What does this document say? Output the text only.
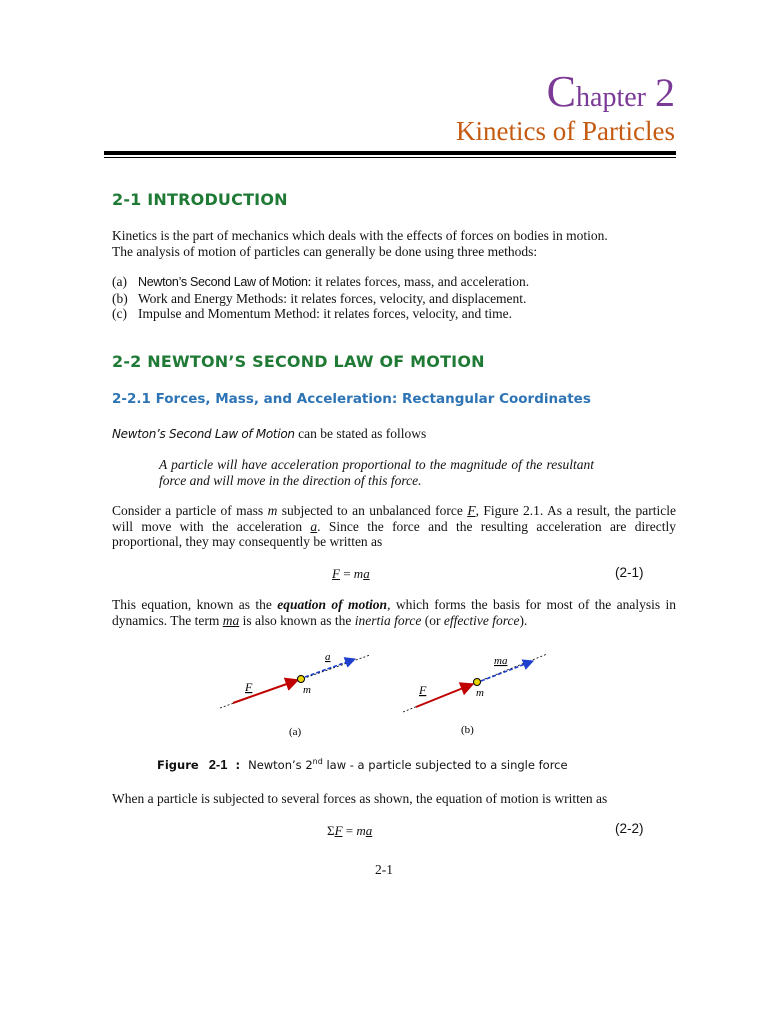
Chapter 2
Kinetics of Particles
2-1 INTRODUCTION
Kinetics is the part of mechanics which deals with the effects of forces on bodies in motion.
The analysis of motion of particles can generally be done using three methods:
(a) Newton’s Second Law of Motion: it relates forces, mass, and acceleration.
(b) Work and Energy Methods: it relates forces, velocity, and displacement.
(c) Impulse and Momentum Method: it relates forces, velocity, and time.
2-2 NEWTON’S SECOND LAW OF MOTION
2-2.1 Forces, Mass, and Acceleration: Rectangular Coordinates
Newton’s Second Law of Motion can be stated as follows
A particle will have acceleration proportional to the magnitude of the resultant force and will move in the direction of this force.
Consider a particle of mass m subjected to an unbalanced force F, Figure 2.1. As a result, the particle will move with the acceleration a. Since the force and the resulting acceleration are directly proportional, they may consequently be written as
F = ma	(2-1)
This equation, known as the equation of motion, which forms the basis for most of the analysis in dynamics. The term ma is also known as the inertia force (or effective force).
F	m
a
(a)
F	m
ma
(b)
Figure 2-1 : Newton’s 2nd law - a particle subjected to a single force
When a particle is subjected to several forces as shown, the equation of motion is written as
ΣF = ma	(2-2)
2-1
